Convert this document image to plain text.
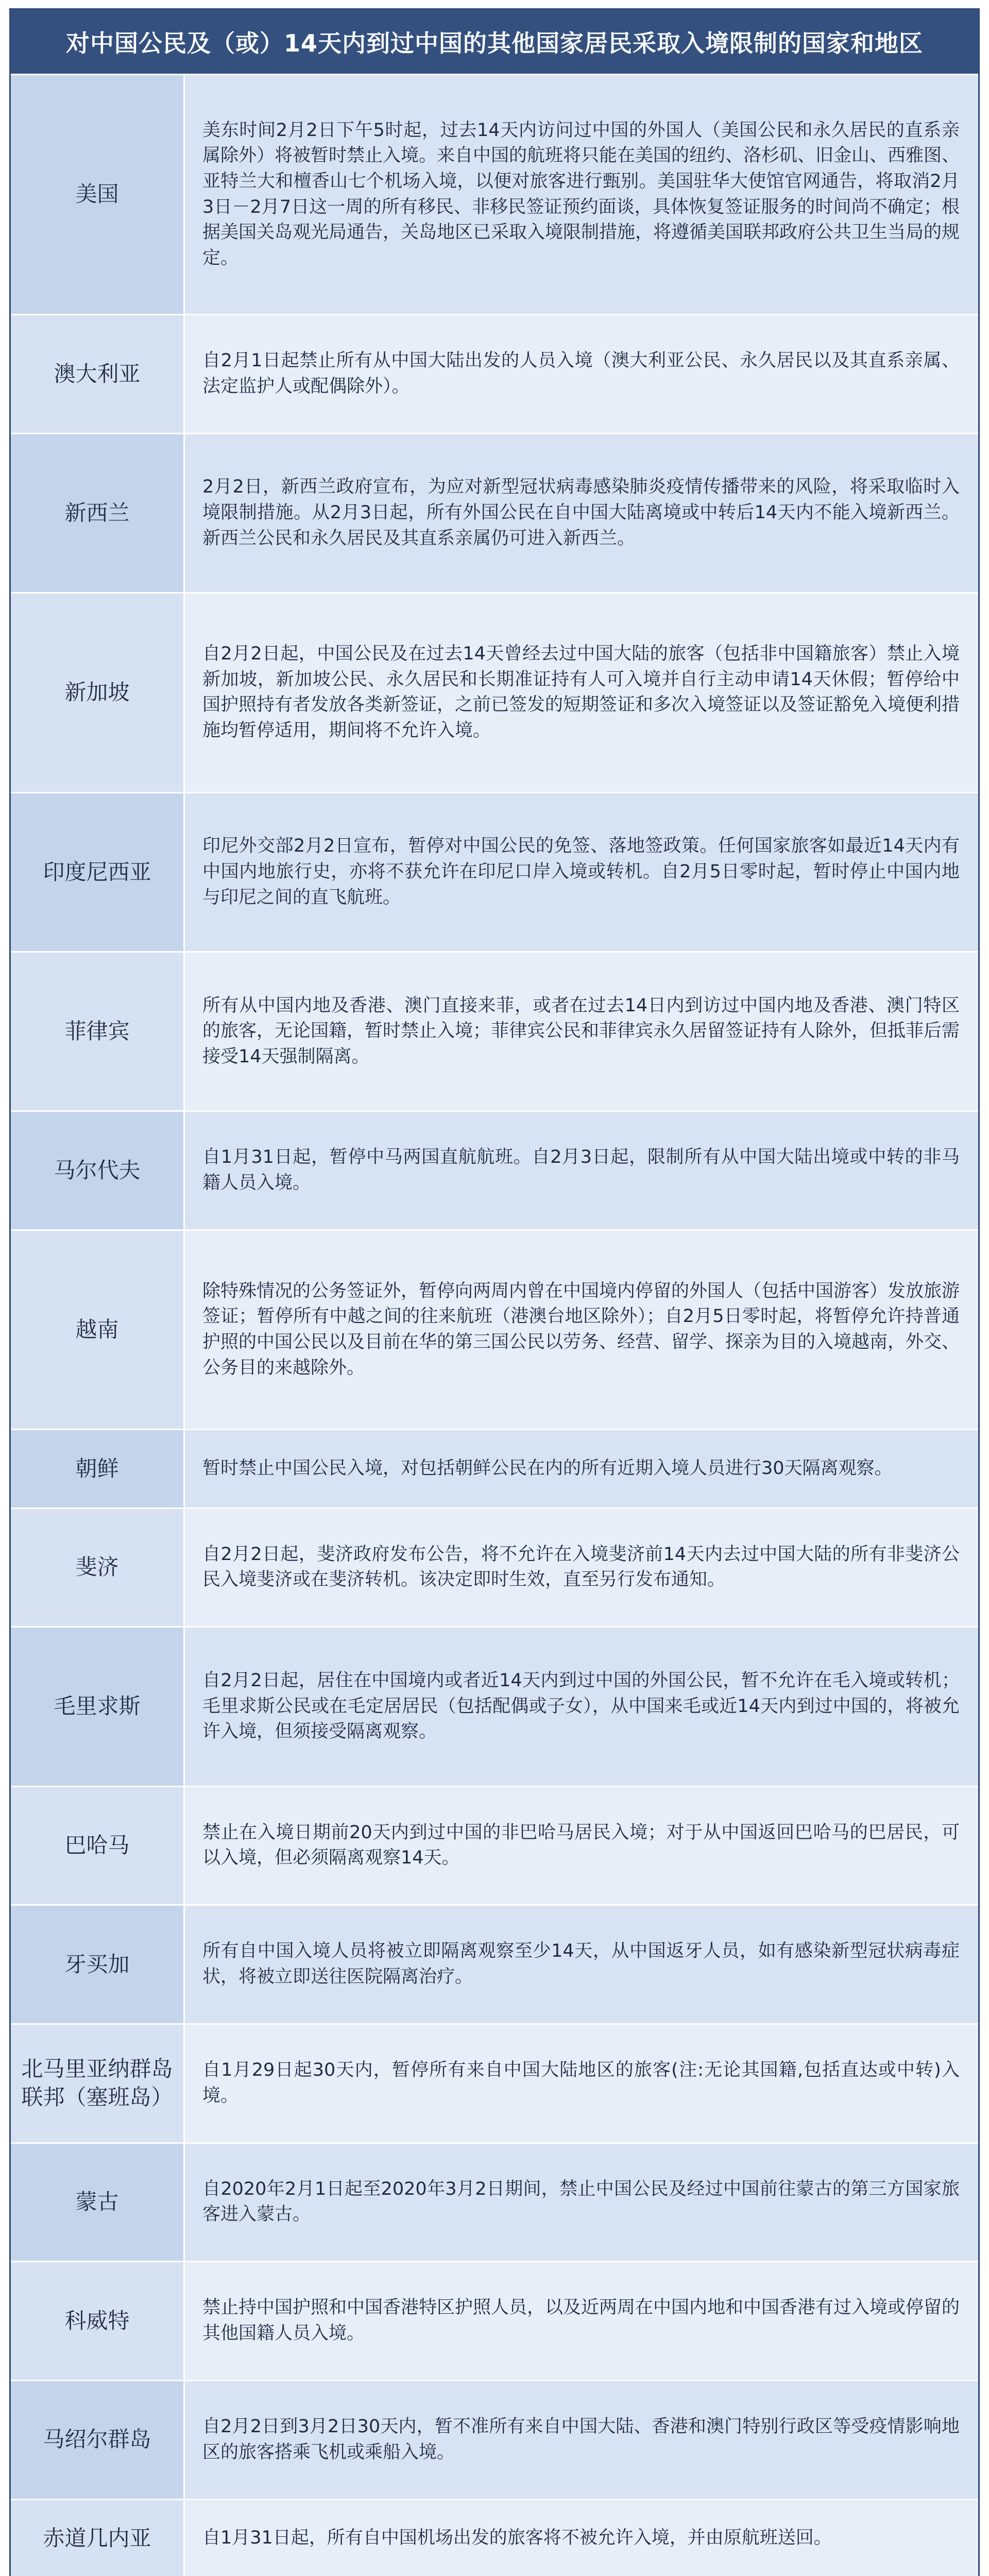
对中国公民及（或）14天内到过中国的其他国家居民采取入境限制的国家和地区
美国
美东时间2月2日下午5时起，过去14天内访问过中国的外国人（美国公民和永久居民的直系亲属除外）将被暂时禁止入境。来自中国的航班将只能在美国的纽约、洛杉矶、旧金山、西雅图、亚特兰大和檀香山七个机场入境，以便对旅客进行甄别。美国驻华大使馆官网通告，将取消2月3日－2月7日这一周的所有移民、非移民签证预约面谈，具体恢复签证服务的时间尚不确定；根据美国关岛观光局通告，关岛地区已采取入境限制措施，将遵循美国联邦政府公共卫生当局的规定。
澳大利亚
自2月1日起禁止所有从中国大陆出发的人员入境（澳大利亚公民、永久居民以及其直系亲属、法定监护人或配偶除外）。
新西兰
2月2日，新西兰政府宣布，为应对新型冠状病毒感染肺炎疫情传播带来的风险，将采取临时入境限制措施。从2月3日起，所有外国公民在自中国大陆离境或中转后14天内不能入境新西兰。新西兰公民和永久居民及其直系亲属仍可进入新西兰。
新加坡
自2月2日起，中国公民及在过去14天曾经去过中国大陆的旅客（包括非中国籍旅客）禁止入境新加坡，新加坡公民、永久居民和长期准证持有人可入境并自行主动申请14天休假；暂停给中国护照持有者发放各类新签证，之前已签发的短期签证和多次入境签证以及签证豁免入境便利措施均暂停适用，期间将不允许入境。
印度尼西亚
印尼外交部2月2日宣布，暂停对中国公民的免签、落地签政策。任何国家旅客如最近14天内有中国内地旅行史，亦将不获允许在印尼口岸入境或转机。自2月5日零时起，暂时停止中国内地与印尼之间的直飞航班。
菲律宾
所有从中国内地及香港、澳门直接来菲，或者在过去14日内到访过中国内地及香港、澳门特区的旅客，无论国籍，暂时禁止入境；菲律宾公民和菲律宾永久居留签证持有人除外，但抵菲后需接受14天强制隔离。
马尔代夫
自1月31日起，暂停中马两国直航航班。自2月3日起，限制所有从中国大陆出境或中转的非马籍人员入境。
越南
除特殊情况的公务签证外，暂停向两周内曾在中国境内停留的外国人（包括中国游客）发放旅游签证；暂停所有中越之间的往来航班（港澳台地区除外）；自2月5日零时起，将暂停允许持普通护照的中国公民以及目前在华的第三国公民以劳务、经营、留学、探亲为目的入境越南，外交、公务目的来越除外。
朝鲜	暂时禁止中国公民入境，对包括朝鲜公民在内的所有近期入境人员进行30天隔离观察。
斐济
自2月2日起，斐济政府发布公告，将不允许在入境斐济前14天内去过中国大陆的所有非斐济公民入境斐济或在斐济转机。该决定即时生效，直至另行发布通知。
毛里求斯
自2月2日起，居住在中国境内或者近14天内到过中国的外国公民，暂不允许在毛入境或转机；毛里求斯公民或在毛定居居民（包括配偶或子女），从中国来毛或近14天内到过中国的，将被允许入境，但须接受隔离观察。
巴哈马
禁止在入境日期前20天内到过中国的非巴哈马居民入境；对于从中国返回巴哈马的巴居民，可以入境，但必须隔离观察14天。
牙买加
所有自中国入境人员将被立即隔离观察至少14天，从中国返牙人员，如有感染新型冠状病毒症状，将被立即送往医院隔离治疗。
北马里亚纳群岛联邦（塞班岛）
自1月29日起30天内，暂停所有来自中国大陆地区的旅客(注:无论其国籍,包括直达或中转)入境。
蒙古
自2020年2月1日起至2020年3月2日期间，禁止中国公民及经过中国前往蒙古的第三方国家旅客进入蒙古。
科威特
禁止持中国护照和中国香港特区护照人员，以及近两周在中国内地和中国香港有过入境或停留的其他国籍人员入境。
马绍尔群岛
自2月2日到3月2日30天内，暂不准所有来自中国大陆、香港和澳门特别行政区等受疫情影响地区的旅客搭乘飞机或乘船入境。
赤道几内亚	自1月31日起，所有自中国机场出发的旅客将不被允许入境，并由原航班送回。
